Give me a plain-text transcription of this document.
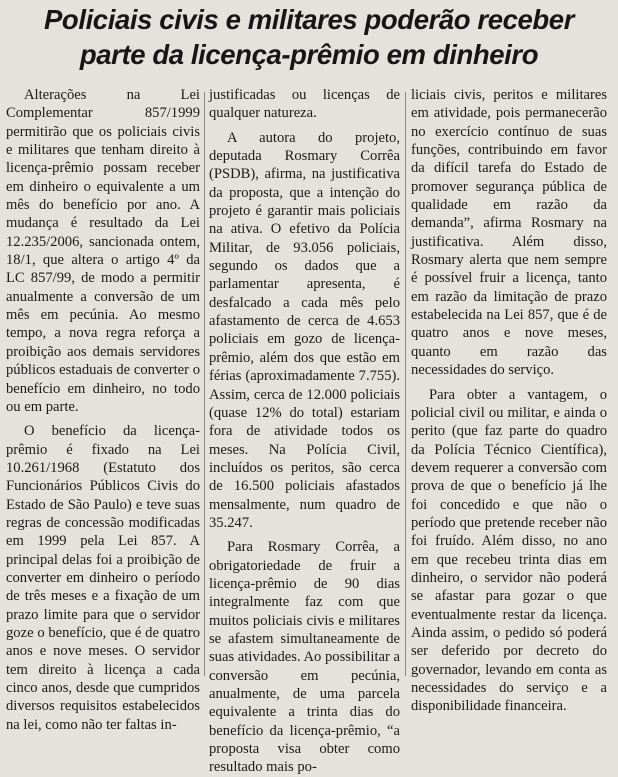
Policiais civis e militares poderão receber
parte da licença-prêmio em dinheiro

Alterações na Lei Complementar 857/1999 permitirão que os policiais civis e militares que tenham direito à licença-prêmio possam receber em dinheiro o equivalente a um mês do benefício por ano. A mudança é resultado da Lei 12.235/2006, sancionada ontem, 18/1, que altera o artigo 4º da LC 857/99, de modo a permitir anualmente a conversão de um mês em pecúnia. Ao mesmo tempo, a nova regra reforça a proibição aos demais servidores públicos estaduais de converter o benefício em dinheiro, no todo ou em parte.

O benefício da licença-prêmio é fixado na Lei 10.261/1968 (Estatuto dos Funcionários Públicos Civis do Estado de São Paulo) e teve suas regras de concessão modificadas em 1999 pela Lei 857. A principal delas foi a proibição de converter em dinheiro o período de três meses e a fixação de um prazo limite para que o servidor goze o benefício, que é de quatro anos e nove meses. O servidor tem direito à licença a cada cinco anos, desde que cumpridos diversos requisitos estabelecidos na lei, como não ter faltas in-

justificadas ou licenças de qualquer natureza.

A autora do projeto, deputada Rosmary Corrêa (PSDB), afirma, na justificativa da proposta, que a intenção do projeto é garantir mais policiais na ativa. O efetivo da Polícia Militar, de 93.056 policiais, segundo os dados que a parlamentar apresenta, é desfalcado a cada mês pelo afastamento de cerca de 4.653 policiais em gozo de licença-prêmio, além dos que estão em férias (aproximadamente 7.755). Assim, cerca de 12.000 policiais (quase 12% do total) estariam fora de atividade todos os meses. Na Polícia Civil, incluídos os peritos, são cerca de 16.500 policiais afastados mensalmente, num quadro de 35.247.

Para Rosmary Corrêa, a obrigatoriedade de fruir a licença-prêmio de 90 dias integralmente faz com que muitos policiais civis e militares se afastem simultaneamente de suas atividades. Ao possibilitar a conversão em pecúnia, anualmente, de uma parcela equivalente a trinta dias do benefício da licença-prêmio, “a proposta visa obter como resultado mais po-

liciais civis, peritos e militares em atividade, pois permanecerão no exercício contínuo de suas funções, contribuindo em favor da difícil tarefa do Estado de promover segurança pública de qualidade em razão da demanda”, afirma Rosmary na justificativa. Além disso, Rosmary alerta que nem sempre é possível fruir a licença, tanto em razão da limitação de prazo estabelecida na Lei 857, que é de quatro anos e nove meses, quanto em razão das necessidades do serviço.

Para obter a vantagem, o policial civil ou militar, e ainda o perito (que faz parte do quadro da Polícia Técnico Científica), devem requerer a conversão com prova de que o benefício já lhe foi concedido e que não o período que pretende receber não foi fruído. Além disso, no ano em que recebeu trinta dias em dinheiro, o servidor não poderá se afastar para gozar o que eventualmente restar da licença. Ainda assim, o pedido só poderá ser deferido por decreto do governador, levando em conta as necessidades do serviço e a disponibilidade financeira.
